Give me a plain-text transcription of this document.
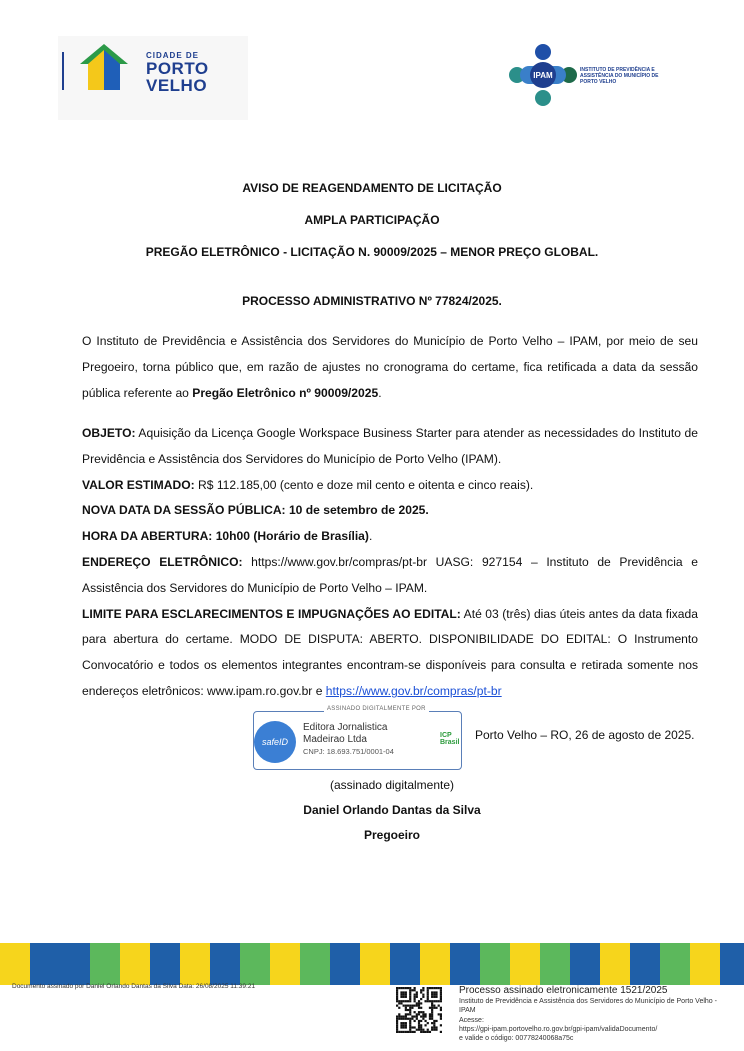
CIDADE DE
PORTO
VELHO
IPAM
INSTITUTO DE PREVIDÊNCIA E ASSISTÊNCIA DO MUNICÍPIO DE PORTO VELHO
AVISO DE REAGENDAMENTO DE LICITAÇÃO
AMPLA PARTICIPAÇÃO
PREGÃO ELETRÔNICO - LICITAÇÃO N. 90009/2025 – MENOR PREÇO GLOBAL.
PROCESSO ADMINISTRATIVO Nº 77824/2025.
O Instituto de Previdência e Assistência dos Servidores do Município de Porto Velho – IPAM, por meio de seu Pregoeiro, torna público que, em razão de ajustes no cronograma do certame, fica retificada a data da sessão pública referente ao Pregão Eletrônico nº 90009/2025.
OBJETO: Aquisição da Licença Google Workspace Business Starter para atender as necessidades do Instituto de Previdência e Assistência dos Servidores do Município de Porto Velho (IPAM).
VALOR ESTIMADO: R$ 112.185,00 (cento e doze mil cento e oitenta e cinco reais).
NOVA DATA DA SESSÃO PÚBLICA: 10 de setembro de 2025.
HORA DA ABERTURA: 10h00 (Horário de Brasília).
ENDEREÇO ELETRÔNICO: https://www.gov.br/compras/pt-br UASG: 927154 – Instituto de Previdência e Assistência dos Servidores do Município de Porto Velho – IPAM.
LIMITE PARA ESCLARECIMENTOS E IMPUGNAÇÕES AO EDITAL: Até 03 (três) dias úteis antes da data fixada para abertura do certame. MODO DE DISPUTA: ABERTO. DISPONIBILIDADE DO EDITAL: O Instrumento Convocatório e todos os elementos integrantes encontram-se disponíveis para consulta e retirada somente nos endereços eletrônicos: www.ipam.ro.gov.br e https://www.gov.br/compras/pt-br
ASSINADO DIGITALMENTE POR
safeID
Editora Jornalistica
Madeirao Ltda
CNPJ: 18.693.751/0001-04
ICP Brasil
Porto Velho – RO, 26 de agosto de 2025.
(assinado digitalmente)
Daniel Orlando Dantas da Silva
Pregoeiro
Documento assinado por Daniel Orlando Dantas da Silva Data: 26/08/2025 11:39:21	Processo assinado eletronicamente 1521/2025
Instituto de Previdência e Assistência dos Servidores do Município de Porto Velho - IPAM
Acesse:
https://gpi-ipam.portovelho.ro.gov.br/gpi-ipam/validaDocumento/
e valide o código: 00778240068a75c
